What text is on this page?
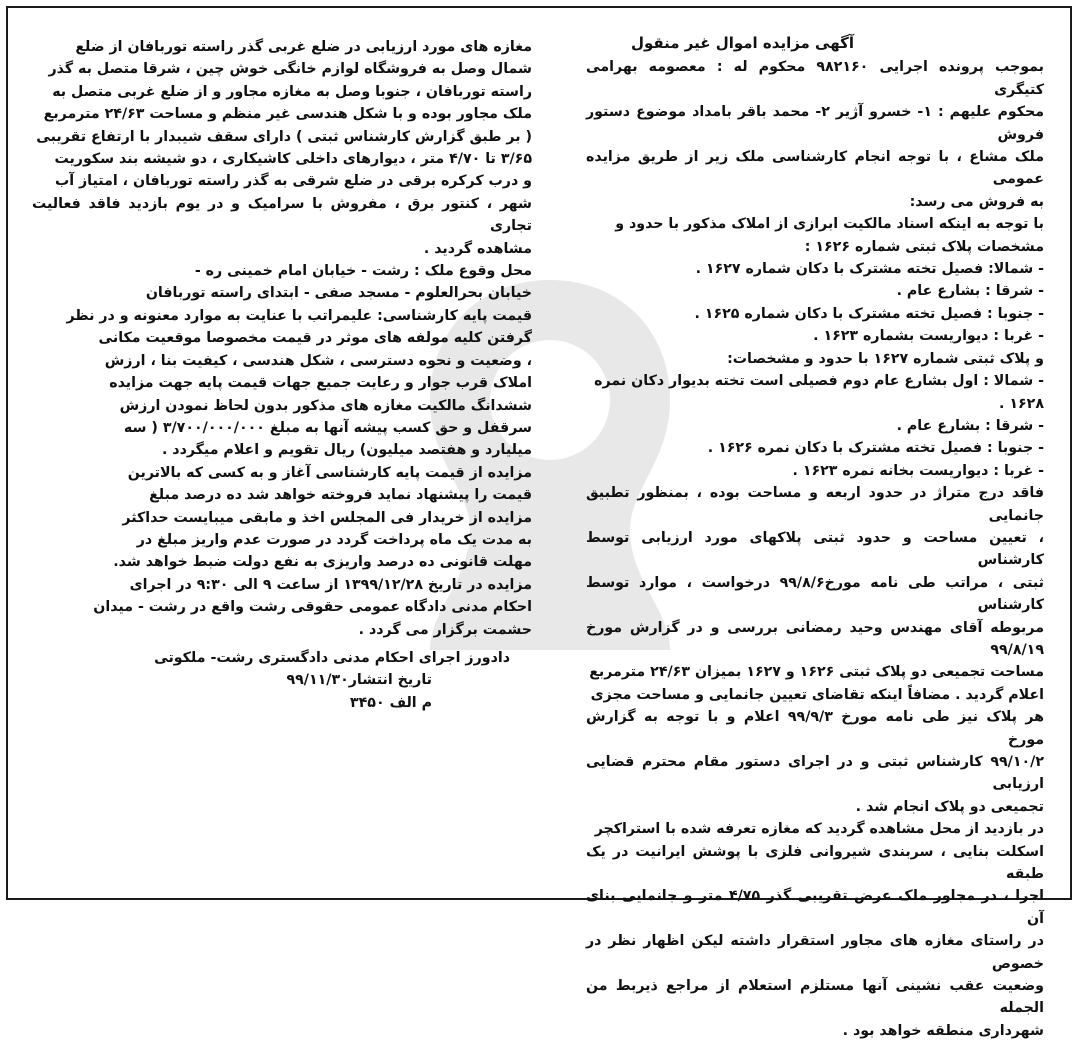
آگهی مزایده اموال غیر منقول

بموجب پرونده اجرایی ۹۸۲۱۶۰ محکوم له : معصومه بهرامی کتیگری
محکوم علیهم : ۱- خسرو آژیر ۲- محمد باقر بامداد موضوع دستور فروش
ملک مشاع ، با توجه انجام کارشناسی ملک زیر از طریق مزایده عمومی
به فروش می رسد:
با توجه به اینکه اسناد مالکیت ابرازی از املاک مذکور با حدود و
مشخصات پلاک ثبتی شماره ۱۶۲۶ :
- شمالا: فصیل تخته مشترک با دکان شماره ۱۶۲۷ .
- شرقا : بشارع عام .
- جنوبا : فصیل تخته مشترک با دکان شماره ۱۶۲۵ .
- غربا : دیواریست بشماره ۱۶۲۳ .
و پلاک ثبتی شماره ۱۶۲۷ با حدود و مشخصات:
- شمالا : اول بشارع عام دوم فصیلی است تخته بدیوار دکان نمره
۱۶۲۸ .
- شرقا : بشارع عام .
- جنوبا : فصیل تخته مشترک با دکان نمره ۱۶۲۶ .
- غربا : دیواریست بخانه نمره ۱۶۲۳ .
فاقد درج متراژ در حدود اربعه و مساحت بوده ، بمنظور تطبیق جانمایی
، تعیین مساحت و حدود ثبتی پلاکهای مورد ارزیابی توسط کارشناس
ثبتی ، مراتب طی نامه مورخ۹۹/۸/۶ درخواست ، موارد توسط کارشناس
مربوطه آقای مهندس وحید رمضانی بررسی و در گزارش مورخ ۹۹/۸/۱۹
مساحت تجمیعی دو پلاک ثبتی ۱۶۲۶ و ۱۶۲۷ بمیزان ۲۴/۶۳ مترمربع
اعلام گردید . مضافاً اینکه تقاضای تعیین جانمایی و مساحت مجزی
هر پلاک نیز طی نامه مورخ ۹۹/۹/۳ اعلام و با توجه به گزارش مورخ
۹۹/۱۰/۲ کارشناس ثبتی و در اجرای دستور مقام محترم قضایی ارزیابی
تجمیعی دو پلاک انجام شد .
در بازدید از محل مشاهده گردید که مغازه تعرفه شده با استراکچر
اسکلت بنایی ، سربندی شیروانی فلزی با پوشش ایرانیت در یک طبقه
اجرا ، در مجاور ملک عرض تقریبی گذر ۴/۷۵ متر و جانمایی بنای آن
در راستای مغازه های مجاور استقرار داشته لیکن اظهار نظر در خصوص
وضعیت عقب نشینی آنها مستلزم استعلام از مراجع ذیربط من الجمله
شهرداری منطقه خواهد بود .
مغازه های مورد ارزیابی در ضلع غربی گذر راسته توربافان از ضلع
شمال وصل به فروشگاه لوازم خانگی خوش چین ، شرقا متصل به گذر
راسته توربافان ، جنوبا وصل به مغازه مجاور و از ضلع غربی متصل به
ملک مجاور بوده و با شکل هندسی غیر منظم و مساحت ۲۴/۶۳ مترمربع
( بر طبق گزارش کارشناس ثبتی ) دارای سقف شیبدار با ارتفاع تقریبی
۳/۶۵ تا ۴/۷۰ متر ، دیوارهای داخلی کاشیکاری ، دو شیشه بند سکوریت
و درب کرکره برقی در ضلع شرقی به گذر راسته توربافان ، امتیاز آب
شهر ، کنتور برق ، مفروش با سرامیک و در یوم بازدید فاقد فعالیت تجاری
مشاهده گردید .
محل وقوع ملک : رشت - خیابان امام خمینی ره -
خیابان بحرالعلوم - مسجد صفی - ابتدای راسته توربافان
قیمت پایه کارشناسی: علیمراتب با عنایت به موارد معنونه و در نظر
گرفتن کلیه مولفه های موثر در قیمت مخصوصا موقعیت مکانی
، وضعیت و نحوه دسترسی ، شکل هندسی ، کیفیت بنا ، ارزش
املاک قرب جوار و رعایت جمیع جهات قیمت پایه جهت مزایده
ششدانگ مالکیت مغازه های مذکور بدون لحاظ نمودن ارزش
سرقفل و حق کسب پیشه آنها به مبلغ ۳/۷۰۰/۰۰۰/۰۰۰ ( سه
میلیارد و هفتصد میلیون) ریال تقویم و اعلام میگردد .
مزایده از قیمت پایه کارشناسی آغاز و به کسی که بالاترین
قیمت را پیشنهاد نماید فروخته خواهد شد ده درصد مبلغ
مزایده از خریدار فی المجلس اخذ و مابقی میبایست حداکثر
به مدت یک ماه پرداخت گردد در صورت عدم واریز مبلغ در
مهلت قانونی ده درصد واریزی به نفع دولت ضبط خواهد شد.
مزایده در تاریخ ۱۳۹۹/۱۲/۲۸ از ساعت ۹ الی ۹:۳۰ در اجرای
احکام مدنی دادگاه عمومی حقوقی رشت واقع در رشت - میدان
حشمت برگزار می گردد .
دادورز اجرای احکام مدنی دادگستری رشت- ملکوتی
تاریخ انتشار۹۹/۱۱/۳۰
م الف ۳۴۵۰
